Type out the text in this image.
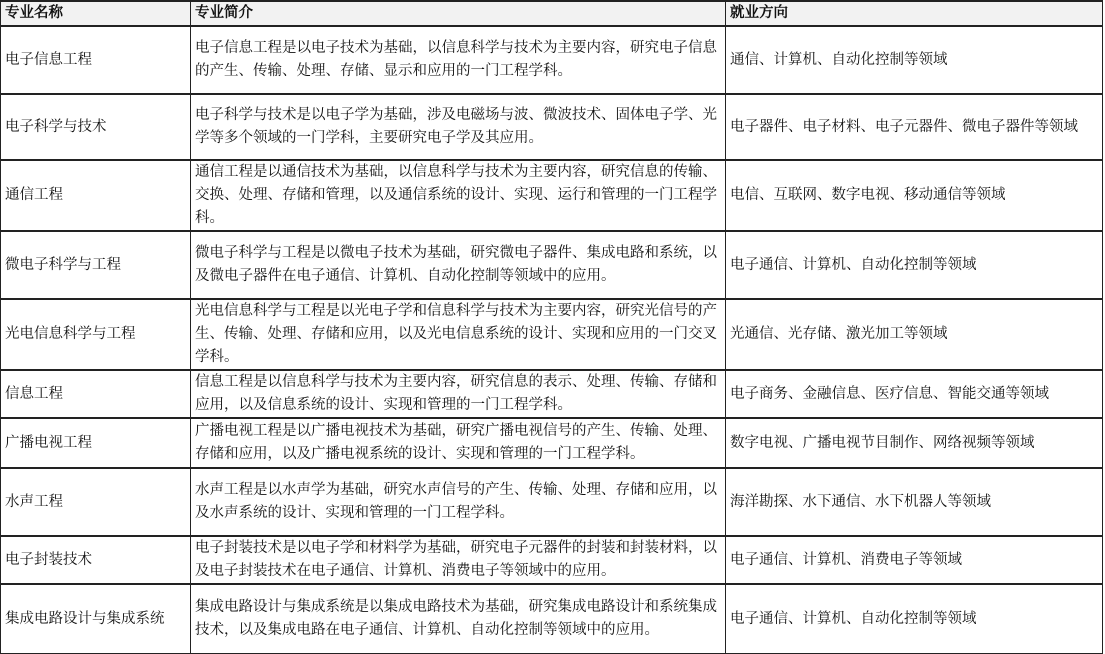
专业名称	专业简介	就业方向
电子信息工程	电子信息工程是以电子技术为基础，以信息科学与技术为主要内容，研究电子信息的产生、传输、处理、存储、显示和应用的一门工程学科。	通信、计算机、自动化控制等领域
电子科学与技术	电子科学与技术是以电子学为基础，涉及电磁场与波、微波技术、固体电子学、光学等多个领域的一门学科，主要研究电子学及其应用。	电子器件、电子材料、电子元器件、微电子器件等领域
通信工程	通信工程是以通信技术为基础，以信息科学与技术为主要内容，研究信息的传输、交换、处理、存储和管理，以及通信系统的设计、实现、运行和管理的一门工程学科。	电信、互联网、数字电视、移动通信等领域
微电子科学与工程	微电子科学与工程是以微电子技术为基础，研究微电子器件、集成电路和系统，以及微电子器件在电子通信、计算机、自动化控制等领域中的应用。	电子通信、计算机、自动化控制等领域
光电信息科学与工程	光电信息科学与工程是以光电子学和信息科学与技术为主要内容，研究光信号的产生、传输、处理、存储和应用，以及光电信息系统的设计、实现和应用的一门交叉学科。	光通信、光存储、激光加工等领域
信息工程	信息工程是以信息科学与技术为主要内容，研究信息的表示、处理、传输、存储和应用，以及信息系统的设计、实现和管理的一门工程学科。	电子商务、金融信息、医疗信息、智能交通等领域
广播电视工程	广播电视工程是以广播电视技术为基础，研究广播电视信号的产生、传输、处理、存储和应用，以及广播电视系统的设计、实现和管理的一门工程学科。	数字电视、广播电视节目制作、网络视频等领域
水声工程	水声工程是以水声学为基础，研究水声信号的产生、传输、处理、存储和应用，以及水声系统的设计、实现和管理的一门工程学科。	海洋勘探、水下通信、水下机器人等领域
电子封装技术	电子封装技术是以电子学和材料学为基础，研究电子元器件的封装和封装材料，以及电子封装技术在电子通信、计算机、消费电子等领域中的应用。	电子通信、计算机、消费电子等领域
集成电路设计与集成系统	集成电路设计与集成系统是以集成电路技术为基础，研究集成电路设计和系统集成技术，以及集成电路在电子通信、计算机、自动化控制等领域中的应用。	电子通信、计算机、自动化控制等领域
